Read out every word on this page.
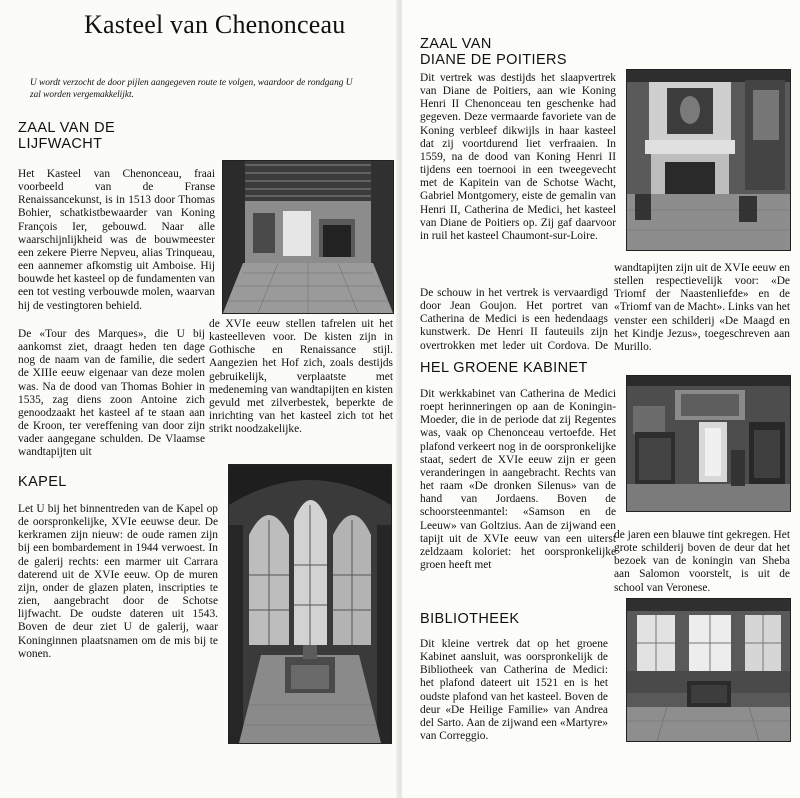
Kasteel van Chenonceau

U wordt verzocht de door pijlen aangegeven route te volgen, waardoor de rondgang U zal worden vergemakkelijkt.

ZAAL VAN DE
LIJFWACHT

Het Kasteel van Chenonceau, fraai voorbeeld van de Franse Renaissancekunst, is in 1513 door Thomas Bohier, schatkistbewaarder van Koning François Ier, gebouwd. Naar alle waarschijnlijkheid was de bouwmeester een zekere Pierre Nepveu, alias Trinqueau, een aannemer afkomstig uit Amboise. Hij bouwde het kasteel op de fundamenten van een tot vesting verbouwde molen, waarvan hij de vestingtoren behield.

De «Tour des Marques», die U bij aankomst ziet, draagt heden ten dage nog de naam van de familie, die sedert de XIIIe eeuw eigenaar van deze molen was. Na de dood van Thomas Bohier in 1535, zag diens zoon Antoine zich genoodzaakt het kasteel af te staan aan de Kroon, ter vereffening van door zijn vader aangegane schulden. De Vlaamse wandtapijten uit

de XVIe eeuw stellen tafrelen uit het kasteelleven voor. De kisten zijn in Gothische en Renaissance stijl. Aangezien het Hof zich, zoals destijds gebruikelijk, verplaatste met medeneming van wandtapijten en kisten gevuld met zilverbestek, beperkte de inrichting van het kasteel zich tot het strikt noodzakelijke.

KAPEL

Let U bij het binnentreden van de Kapel op de oorspronkelijke, XVIe eeuwse deur. De kerkramen zijn nieuw: de oude ramen zijn bij een bombardement in 1944 verwoest. In de galerij rechts: een marmer uit Carrara daterend uit de XVIe eeuw. Op de muren zijn, onder de glazen platen, inscripties te zien, aangebracht door de Schotse lijfwacht. De oudste dateren uit 1543. Boven de deur ziet U de galerij, waar Koninginnen plaatsnamen om de mis bij te wonen.

ZAAL VAN
DIANE DE POITIERS

Dit vertrek was destijds het slaapvertrek van Diane de Poitiers, aan wie Koning Henri II Chenonceau ten geschenke had gegeven. Deze vermaarde favoriete van de Koning verbleef dikwijls in haar kasteel dat zij voortdurend liet verfraaien. In 1559, na de dood van Koning Henri II tijdens een toernooi in een tweegevecht met de Kapitein van de Schotse Wacht, Gabriel Montgomery, eiste de gemalin van Henri II, Catherina de Medici, het kasteel van Diane de Poitiers op. Zij gaf daarvoor in ruil het kasteel Chaumont-sur-Loire.

De schouw in het vertrek is vervaardigd door Jean Goujon. Het portret van Catherina de Medici is een hedendaags kunstwerk. De Henri II fauteuils zijn overtrokken met leder uit Cordova. De

wandtapijten zijn uit de XVIe eeuw en stellen respectievelijk voor: «De Triomf der Naastenliefde» en de «Triomf van de Macht». Links van het venster een schilderij «De Maagd en het Kindje Jezus», toegeschreven aan Murillo.

HEL GROENE KABINET

Dit werkkabinet van Catherina de Medici roept herinneringen op aan de Koningin-Moeder, die in de periode dat zij Regentes was, vaak op Chenonceau vertoefde. Het plafond verkeert nog in de oorspronkelijke staat, sedert de XVIe eeuw zijn er geen veranderingen in aangebracht. Rechts van het raam «De dronken Silenus» van de hand van Jordaens. Boven de schoorsteenmantel: «Samson en de Leeuw» van Goltzius. Aan de zijwand een tapijt uit de XVIe eeuw van een uiterst zeldzaam koloriet: het oorspronkelijke groen heeft met

de jaren een blauwe tint gekregen. Het grote schilderij boven de deur dat het bezoek van de koningin van Sheba aan Salomon voorstelt, is uit de school van Veronese.

BIBLIOTHEEK

Dit kleine vertrek dat op het groene Kabinet aansluit, was oorspronkelijk de Bibliotheek van Catherina de Medici: het plafond dateert uit 1521 en is het oudste plafond van het kasteel. Boven de deur «De Heilige Familie» van Andrea del Sarto. Aan de zijwand een «Martyre» van Correggio.
